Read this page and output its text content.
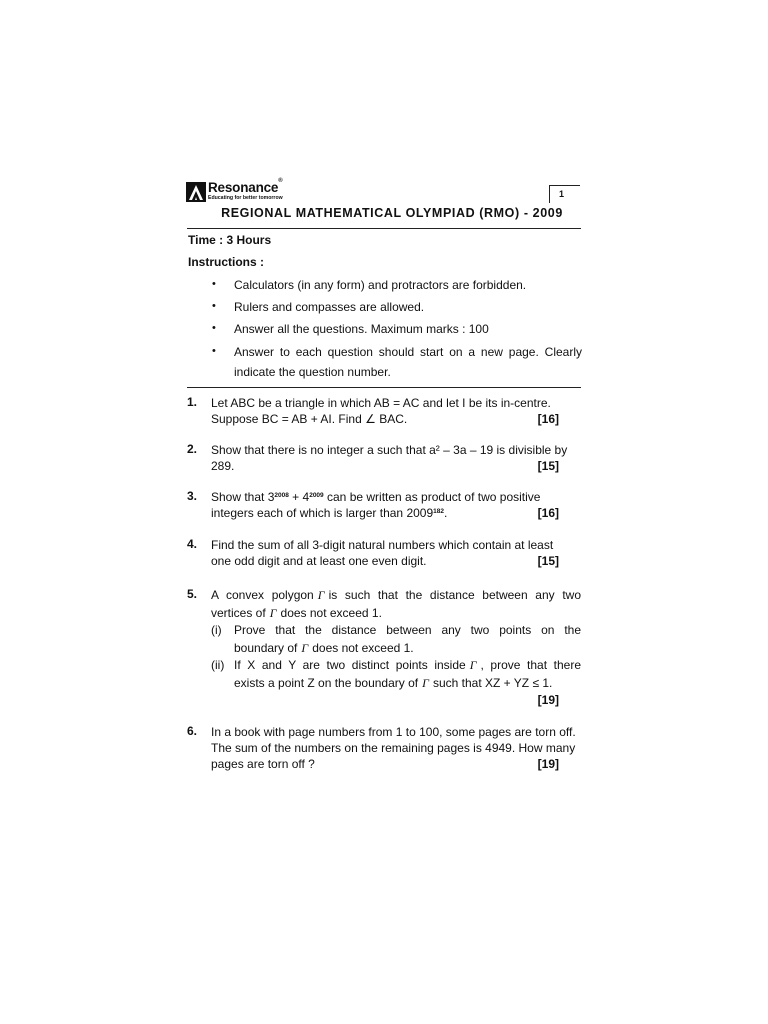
Resonance®
Educating for better tomorrow	1
REGIONAL MATHEMATICAL OLYMPIAD (RMO) - 2009
Time : 3 Hours
Instructions :
• Calculators (in any form) and protractors are forbidden.
• Rulers and compasses are allowed.
• Answer all the questions. Maximum marks : 100
• Answer to each question should start on a new page. Clearly indicate the question number.
1. Let ABC be a triangle in which AB = AC and let I be its in-centre.
Suppose BC = AB + AI. Find ∠ BAC.	[16]
2. Show that there is no integer a such that a² – 3a – 19 is divisible by
289.	[15]
3. Show that $3^{2008} + 4^{2009}$ can be written as product of two positive
integers each of which is larger than 2009$^{182}$.	[16]
4. Find the sum of all 3-digit natural numbers which contain at least
one odd digit and at least one even digit.	[15]
5. A convex polygon Γ is such that the distance between any two
vertices of Γ does not exceed 1.
(i) Prove that the distance between any two points on the
boundary of Γ does not exceed 1.
(ii) If X and Y are two distinct points inside Γ , prove that there
exists a point Z on the boundary of Γ such that XZ + YZ ≤ 1.
[19]
6. In a book with page numbers from 1 to 100, some pages are torn off.
The sum of the numbers on the remaining pages is 4949. How many
pages are torn off ?	[19]
